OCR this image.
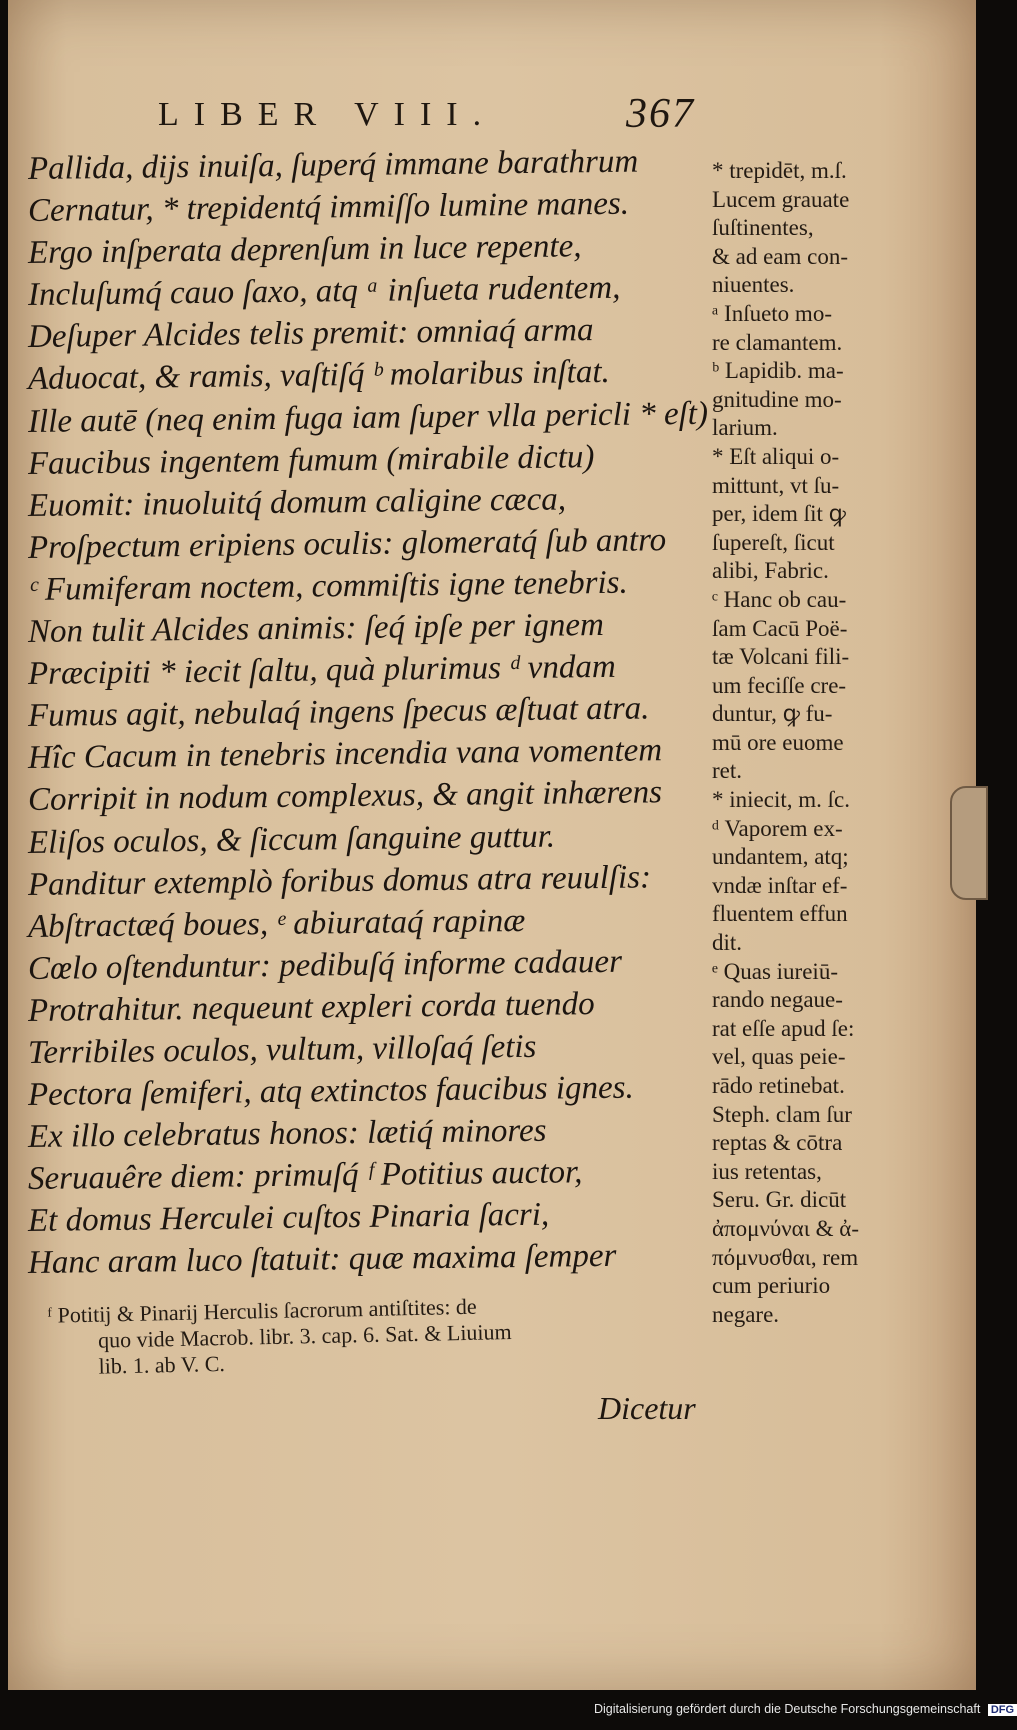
LIBER VIII.	367
Pallida, dijs inuiſa, ſuperq́ immane barathrum
Cernatur, * trepidentq́ immiſſo lumine manes.
Ergo inſperata deprenſum in luce repente,
Incluſumq́ cauo ſaxo, atq ᵃ inſueta rudentem,
Deſuper Alcides telis premit: omniaq́ arma
Aduocat, & ramis, vaſtiſq́ ᵇ molaribus inſtat.
Ille autē (neq enim fuga iam ſuper vlla pericli * eſt)
Faucibus ingentem fumum (mirabile dictu)
Euomit: inuoluitq́ domum caligine cæca,
Proſpectum eripiens oculis: glomeratq́ ſub antro
ᶜ Fumiferam noctem, commiſtis igne tenebris.
Non tulit Alcides animis: ſeq́ ipſe per ignem
Præcipiti * iecit ſaltu, quà plurimus ᵈ vndam
Fumus agit, nebulaq́ ingens ſpecus æſtuat atra.
Hîc Cacum in tenebris incendia vana vomentem
Corripit in nodum complexus, & angit inhærens
Eliſos oculos, & ſiccum ſanguine guttur.
Panditur extemplò foribus domus atra reuulſis:
Abſtractæq́ boues, ᵉ abiurataq́ rapinæ
Cœlo oſtenduntur: pedibuſq́ informe cadauer
Protrahitur. nequeunt expleri corda tuendo
Terribiles oculos, vultum, villoſaq́ ſetis
Pectora ſemiferi, atq extinctos faucibus ignes.
Ex illo celebratus honos: lætiq́ minores
Seruauêre diem: primuſq́ ᶠ Potitius auctor,
Et domus Herculei cuſtos Pinaria ſacri,
Hanc aram luco ſtatuit: quæ maxima ſemper
ᶠ Potitij & Pinarij Herculis ſacrorum antiſtites: de
quo vide Macrob. libr. 3. cap. 6. Sat. & Liuium
lib. 1. ab V. C.
Dicetur
* trepidēt, m.ſ.
Lucem grauate
ſuſtinentes,
& ad eam con-
niuentes.
ᵃ Inſueto mo-
re clamantem.
ᵇ Lapidib. ma-
gnitudine mo-
larium.
* Eſt aliqui o-
mittunt, vt ſu-
per, idem ſit ꝙ
ſupereſt, ſicut
alibi, Fabric.
ᶜ Hanc ob cau-
ſam Cacū Poë-
tæ Volcani fili-
um feciſſe cre-
duntur, ꝙ fu-
mū ore euome
ret.
* iniecit, m. ſc.
ᵈ Vaporem ex-
undantem, atq;
vndæ inſtar ef-
fluentem effun
dit.
ᵉ Quas iureiū-
rando negaue-
rat eſſe apud ſe:
vel, quas peie-
rādo retinebat.
Steph. clam ſur
reptas & cōtra
ius retentas,
Seru. Gr. dicūt
ἀπομνύναι & ἀ-
πόμνυσθαι, rem
cum periurio
negare.
Digitalisierung gefördert durch die Deutsche Forschungsgemeinschaft DFG
